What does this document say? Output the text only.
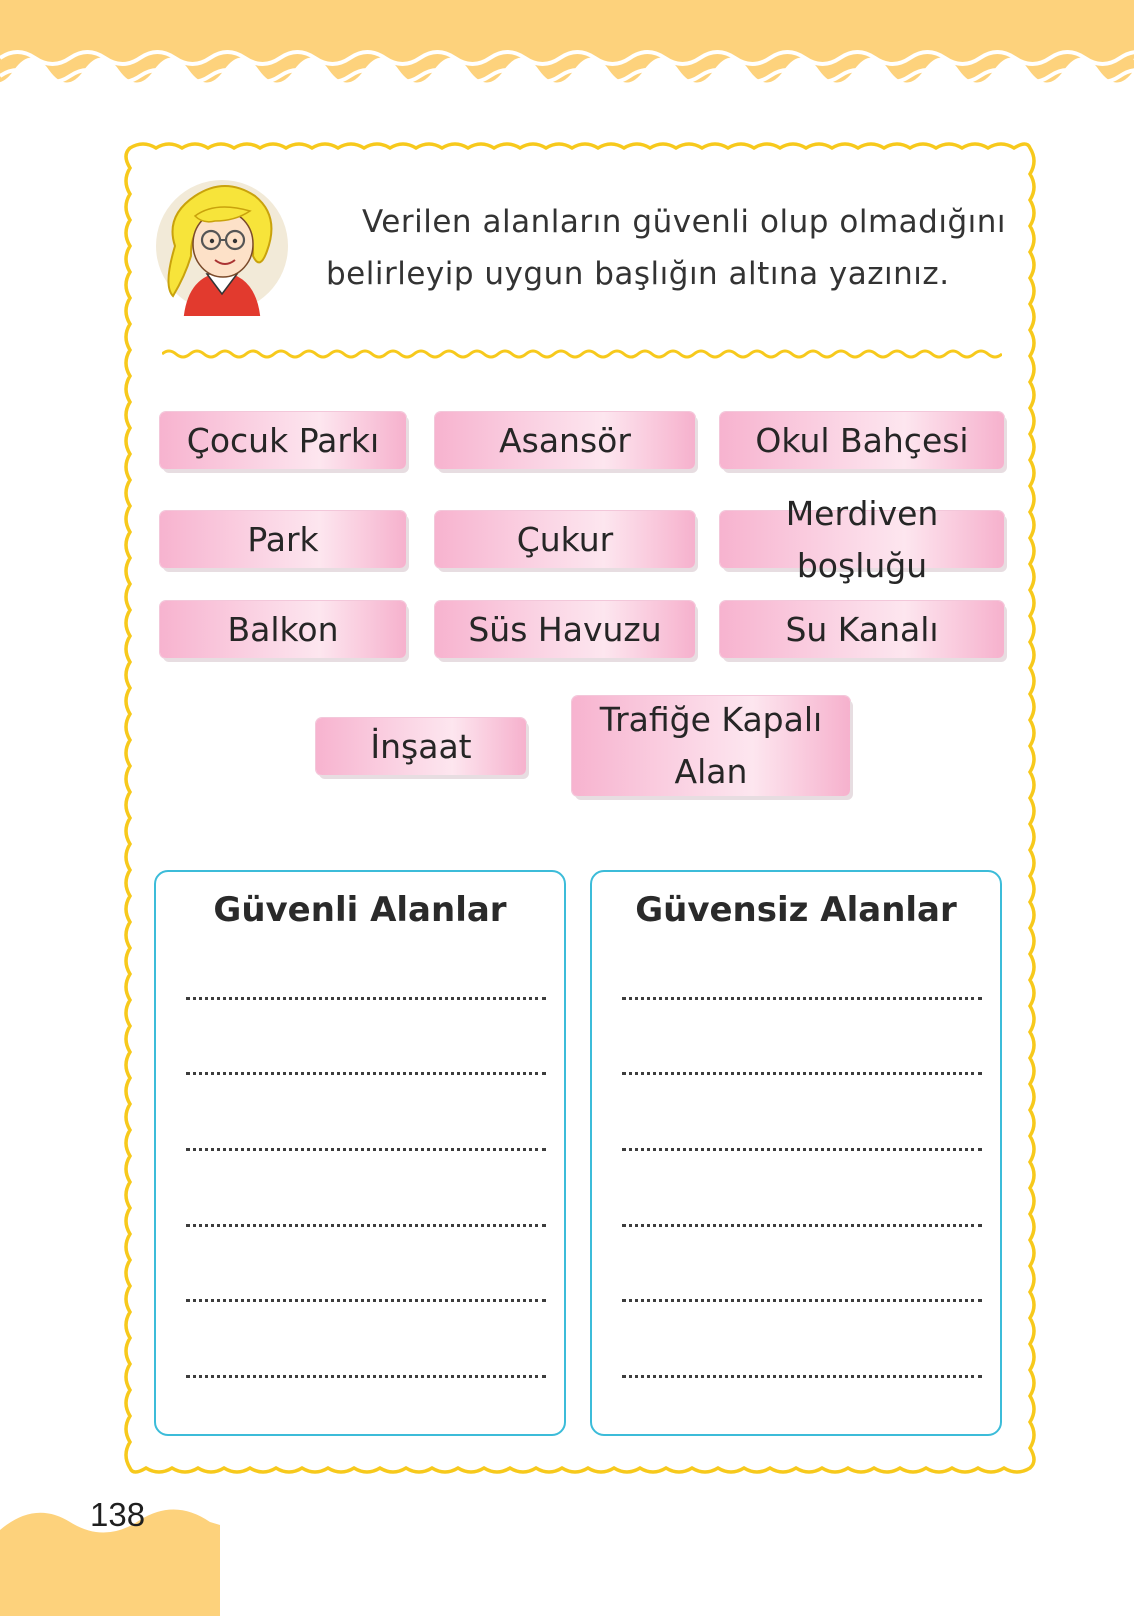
Verilen alanların güvenli olup olmadığını belirleyip uygun başlığın altına yazınız.
Çocuk Parkı	Asansör	Okul Bahçesi
Park	Çukur
Merdiven boşluğu
Balkon	Süs Havuzu	Su Kanalı
İnşaat
Trafiğe Kapalı Alan
Güvenli Alanlar	Güvensiz Alanlar
138
